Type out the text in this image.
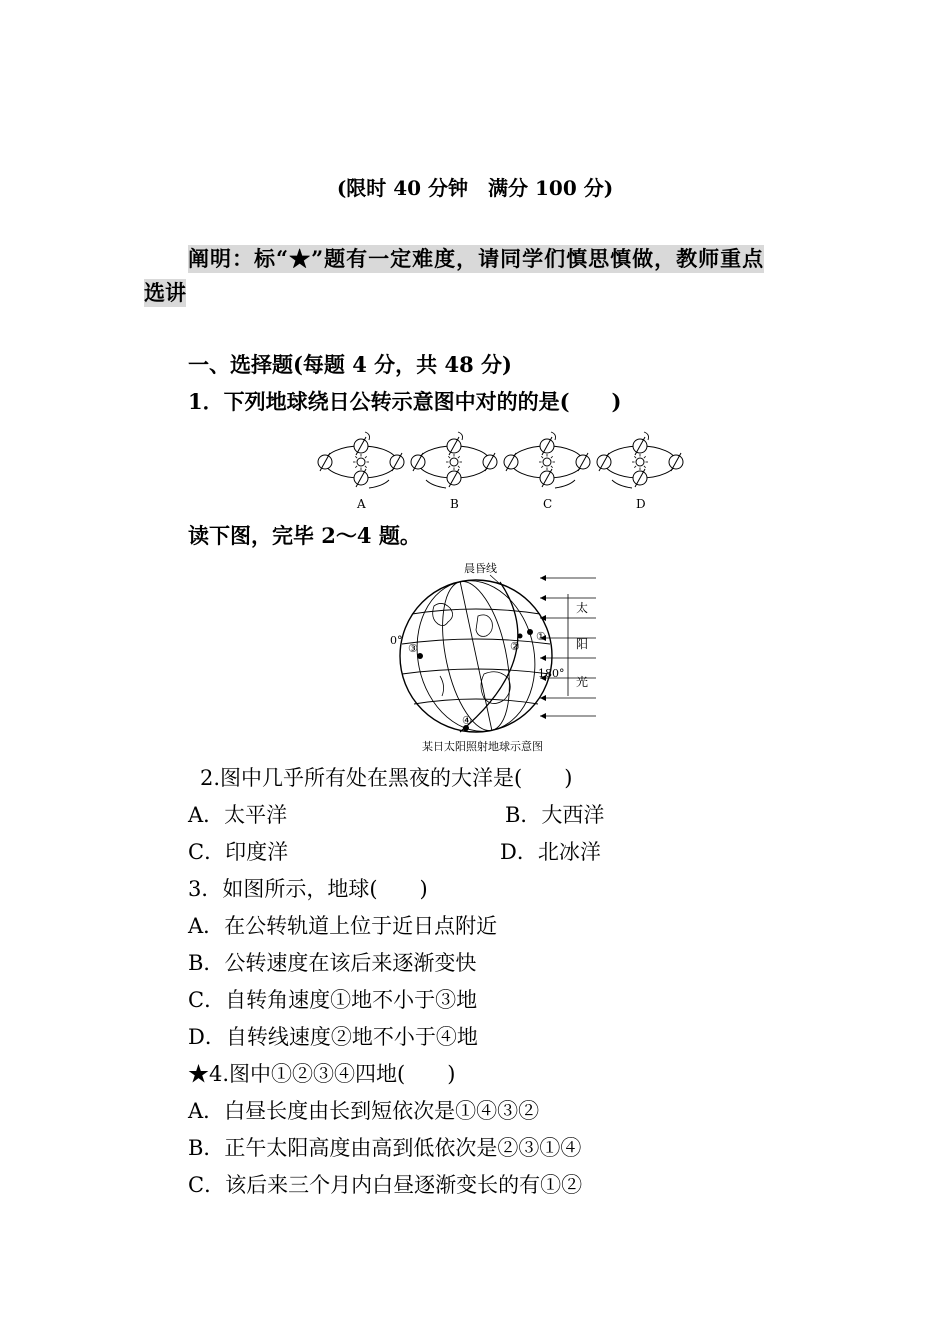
(限时 40 分钟　满分 100 分)
阐明：标“★”题有一定难度，请同学们慎思慎做，教师重点
选讲
一、选择题(每题 4 分，共 48 分)
1．下列地球绕日公转示意图中对的的是(　　)
A	B	C	D
读下图，完毕 2～4 题。
晨昏线
0°
180°
太
阳
光
①
②
③
④
某日太阳照射地球示意图
2.图中几乎所有处在黑夜的大洋是(　　)
A．太平洋	B．大西洋
C．印度洋	D．北冰洋
3．如图所示，地球(　　)
A．在公转轨道上位于近日点附近
B．公转速度在该后来逐渐变快
C．自转角速度①地不小于③地
D．自转线速度②地不小于④地
★4.图中①②③④四地(　　)
A．白昼长度由长到短依次是①④③②
B．正午太阳高度由高到低依次是②③①④
C．该后来三个月内白昼逐渐变长的有①②
